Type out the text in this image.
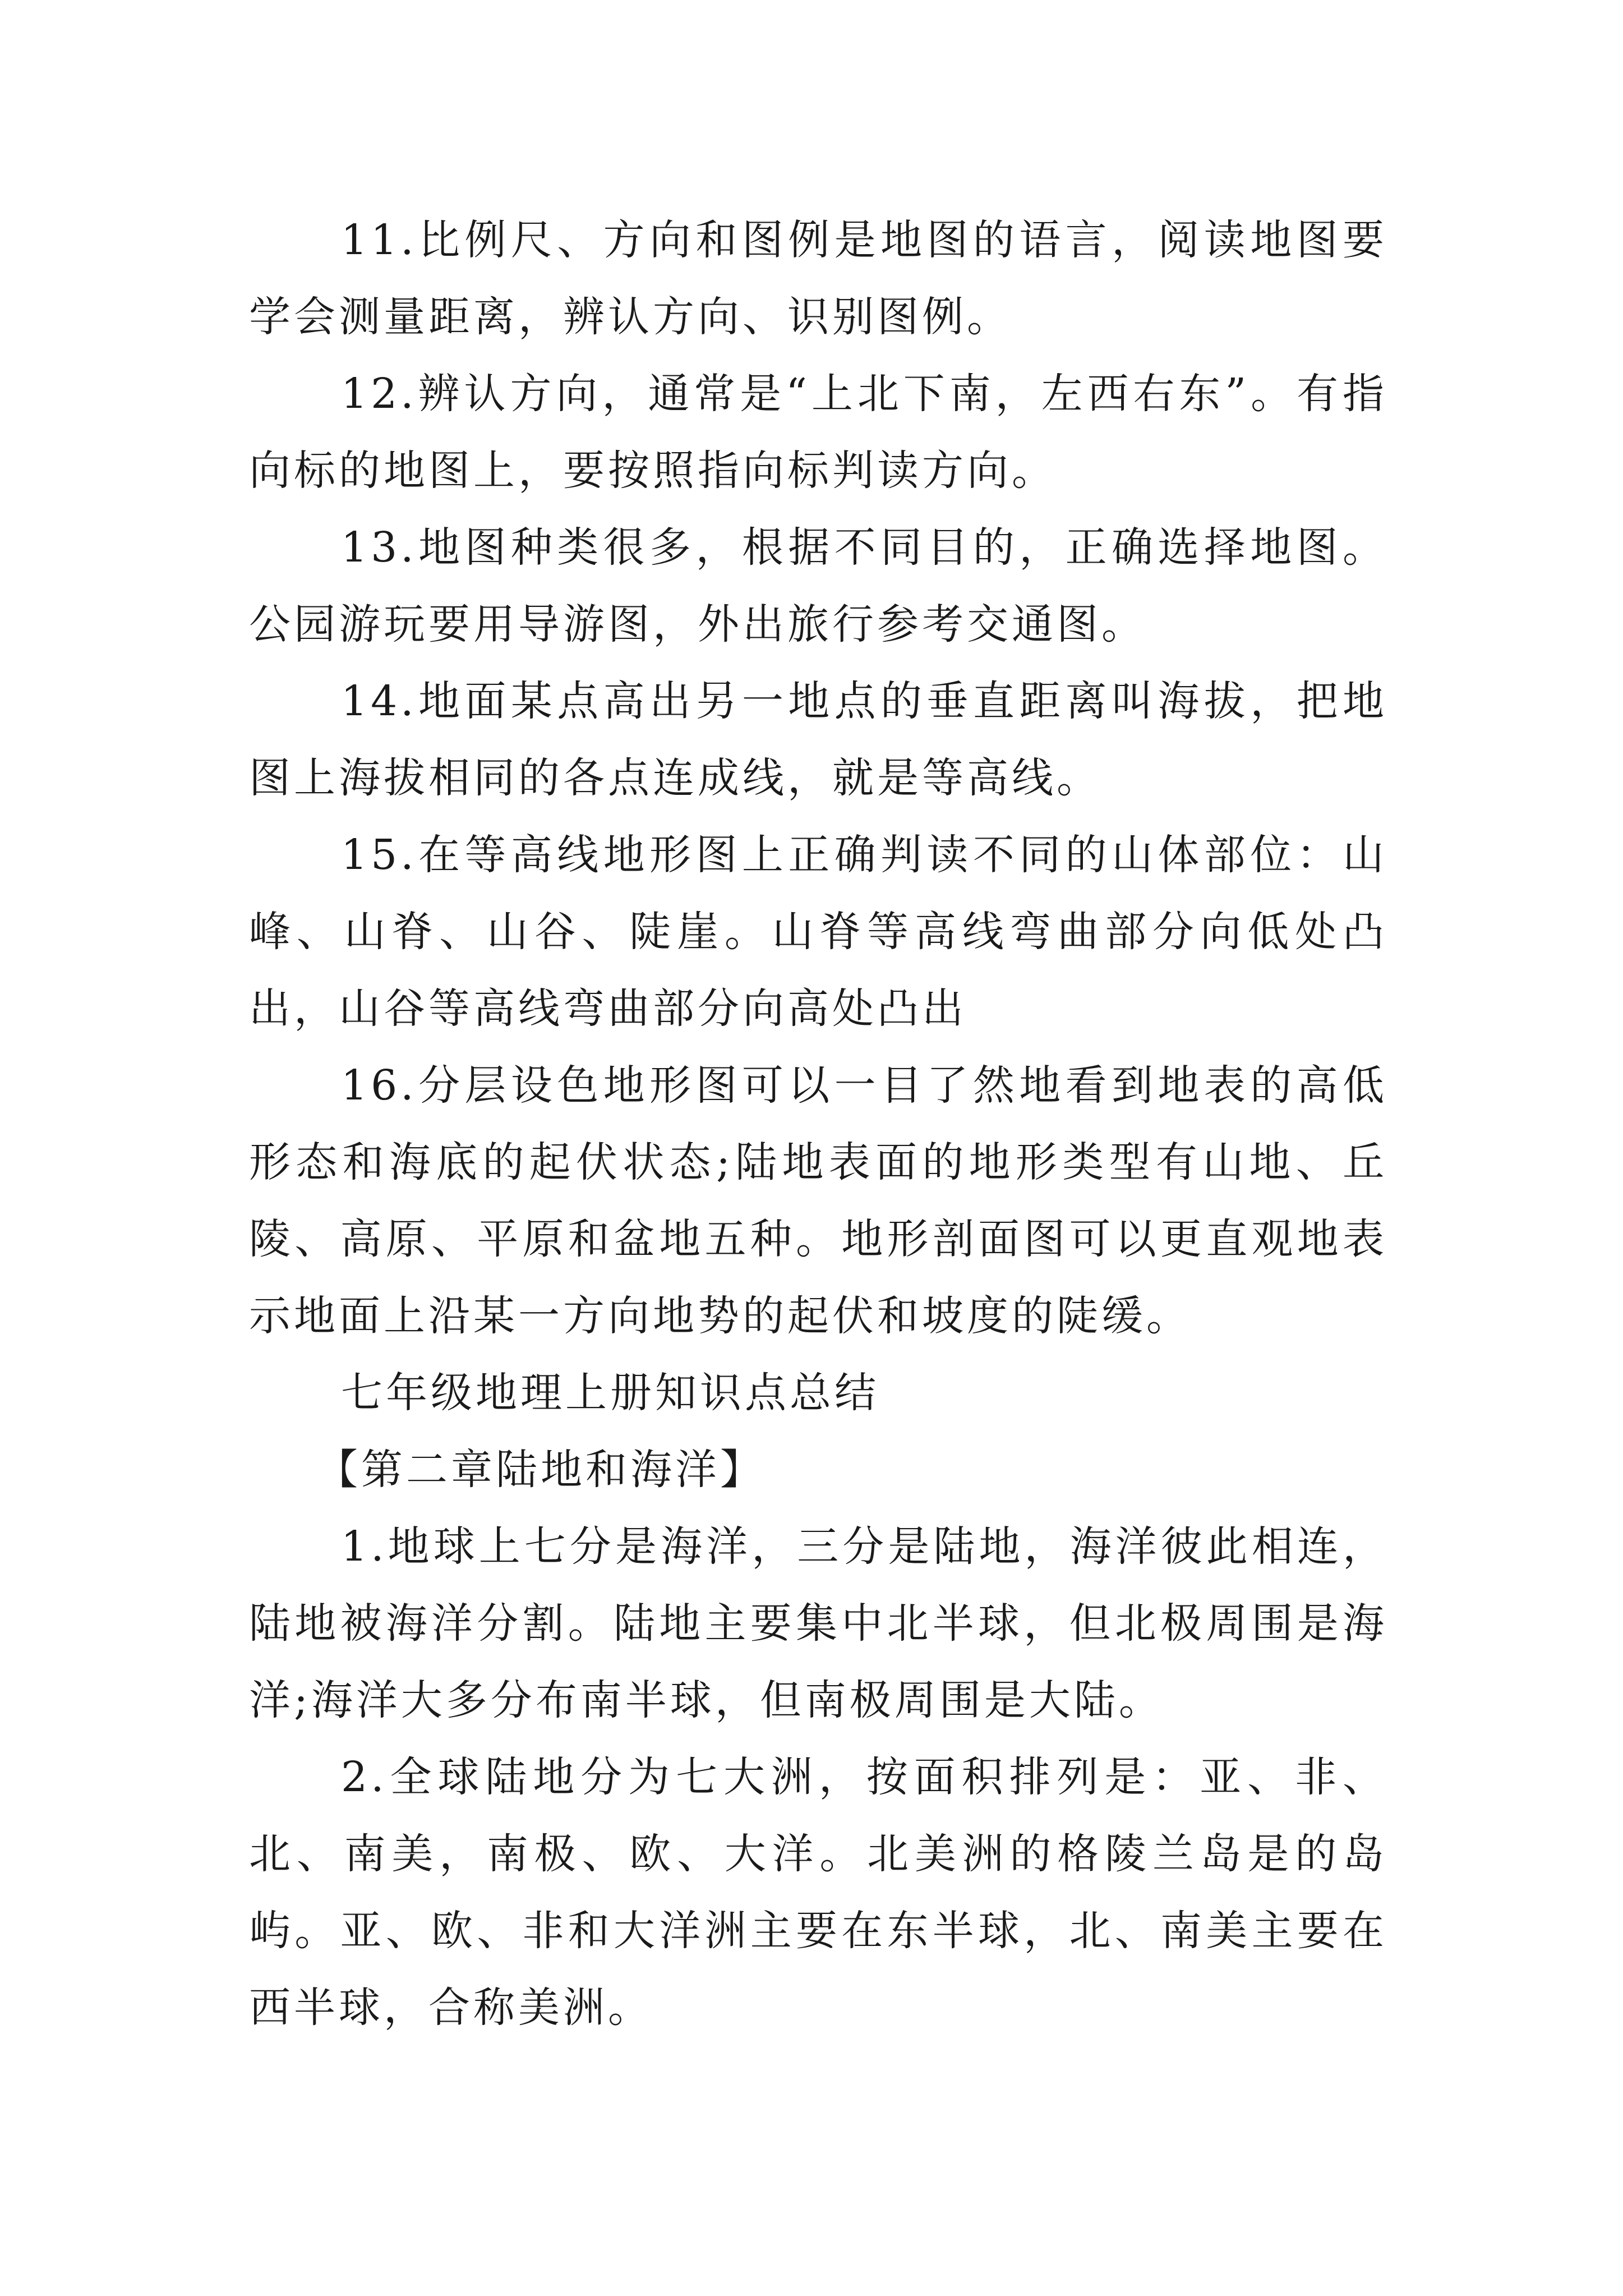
11.比例尺、方向和图例是地图的语言，阅读地图要学会测量距离，辨认方向、识别图例。

12.辨认方向，通常是“上北下南，左西右东”。有指向标的地图上，要按照指向标判读方向。

13.地图种类很多，根据不同目的，正确选择地图。公园游玩要用导游图，外出旅行参考交通图。

14.地面某点高出另一地点的垂直距离叫海拔，把地图上海拔相同的各点连成线，就是等高线。

15.在等高线地形图上正确判读不同的山体部位：山峰、山脊、山谷、陡崖。山脊等高线弯曲部分向低处凸出，山谷等高线弯曲部分向高处凸出

16.分层设色地形图可以一目了然地看到地表的高低形态和海底的起伏状态;陆地表面的地形类型有山地、丘陵、高原、平原和盆地五种。地形剖面图可以更直观地表示地面上沿某一方向地势的起伏和坡度的陡缓。

七年级地理上册知识点总结

【第二章陆地和海洋】

1.地球上七分是海洋，三分是陆地，海洋彼此相连，陆地被海洋分割。陆地主要集中北半球，但北极周围是海洋;海洋大多分布南半球，但南极周围是大陆。

2.全球陆地分为七大洲，按面积排列是：亚、非、北、南美，南极、欧、大洋。北美洲的格陵兰岛是的岛屿。亚、欧、非和大洋洲主要在东半球，北、南美主要在西半球，合称美洲。
